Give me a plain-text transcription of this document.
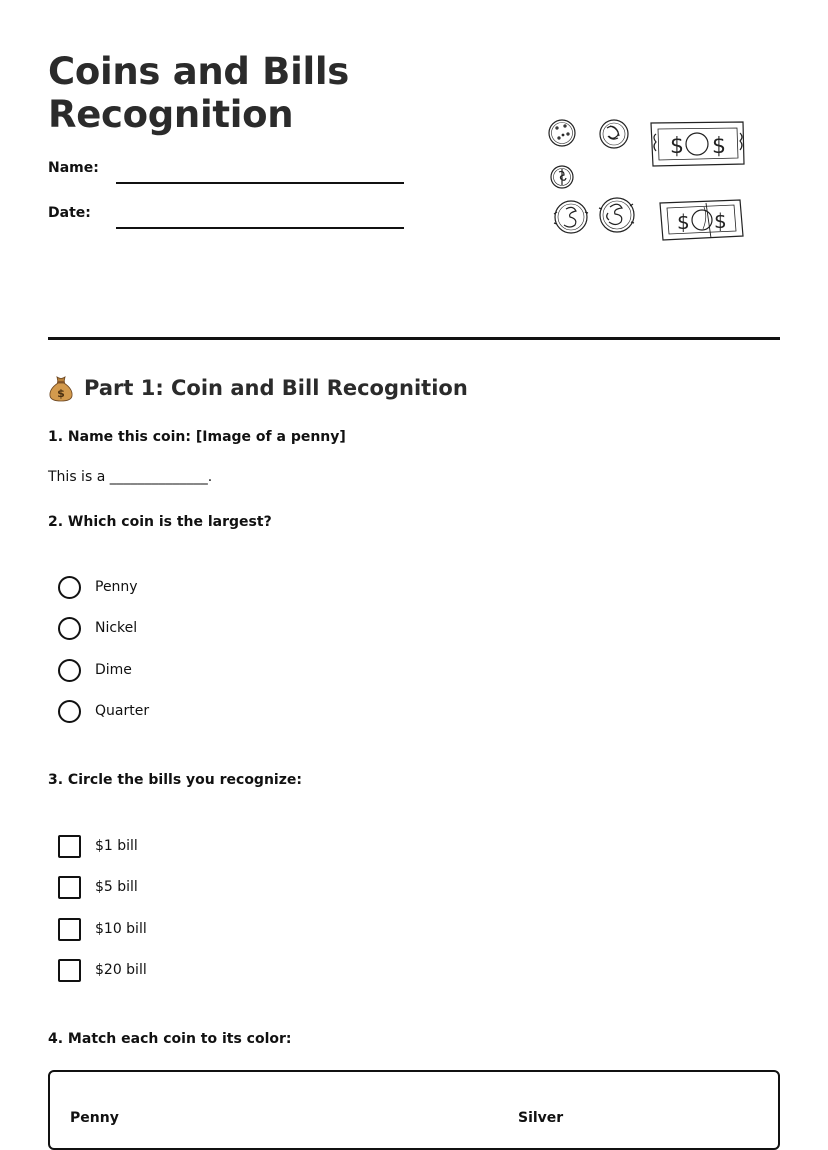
Coins and Bills
Recognition
Name:
Date:
$ $
$ $
$ Part 1: Coin and Bill Recognition

1. Name this coin: [Image of a penny]

This is a ______________.

2. Which coin is the largest?

Penny
Nickel
Dime
Quarter

3. Circle the bills you recognize:

$1 bill
$5 bill
$10 bill
$20 bill

4. Match each coin to its color:

Penny	Silver
